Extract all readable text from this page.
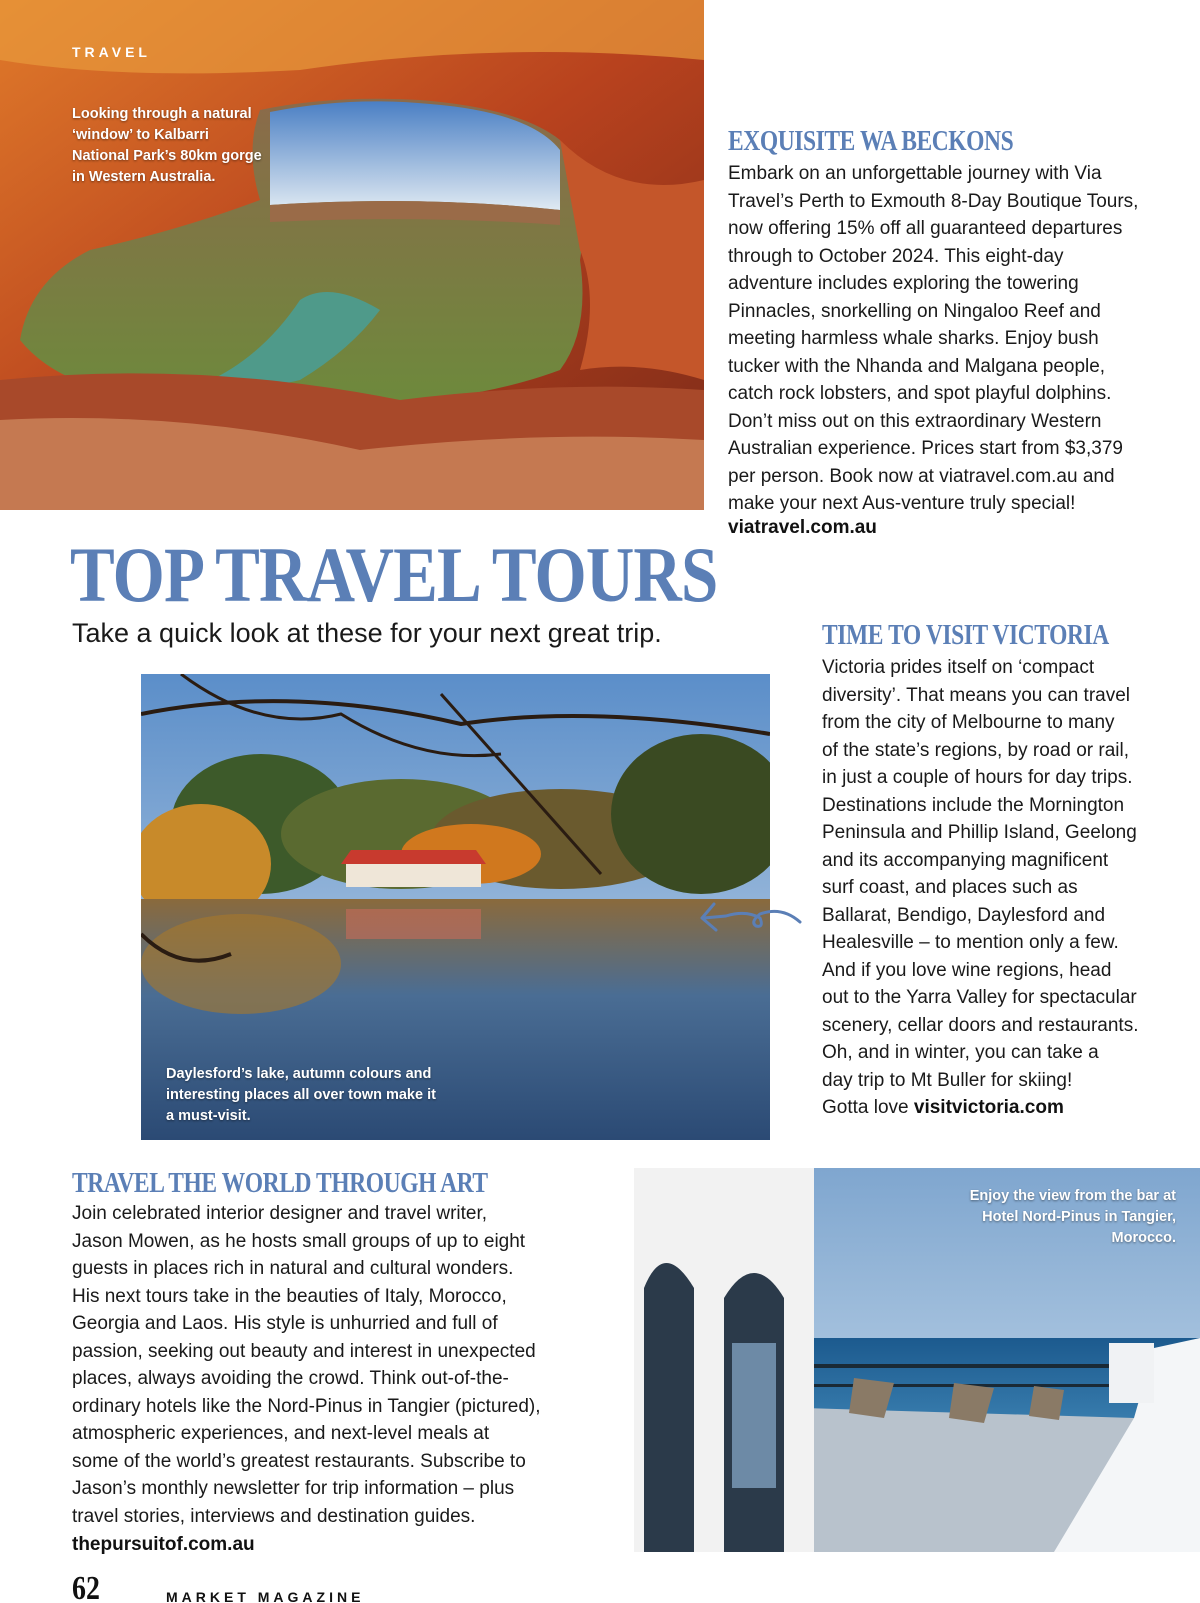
TRAVEL
Looking through a natural ‘window’ to Kalbarri National Park’s 80km gorge in Western Australia.
EXQUISITE WA BECKONS
Embark on an unforgettable journey with Via
Travel’s Perth to Exmouth 8-Day Boutique Tours,
now offering 15% off all guaranteed departures
through to October 2024. This eight-day
adventure includes exploring the towering
Pinnacles, snorkelling on Ningaloo Reef and
meeting harmless whale sharks. Enjoy bush
tucker with the Nhanda and Malgana people,
catch rock lobsters, and spot playful dolphins.
Don’t miss out on this extraordinary Western
Australian experience. Prices start from $3,379
per person. Book now at viatravel.com.au and
make your next Aus-venture truly special!
viatravel.com.au
TOP TRAVEL TOURS
Take a quick look at these for your next great trip.
Daylesford’s lake, autumn colours and interesting places all over town make it a must-visit.
TIME TO VISIT VICTORIA
Victoria prides itself on ‘compact
diversity’. That means you can travel
from the city of Melbourne to many
of the state’s regions, by road or rail,
in just a couple of hours for day trips.
Destinations include the Mornington
Peninsula and Phillip Island, Geelong
and its accompanying magnificent
surf coast, and places such as
Ballarat, Bendigo, Daylesford and
Healesville – to mention only a few.
And if you love wine regions, head
out to the Yarra Valley for spectacular
scenery, cellar doors and restaurants.
Oh, and in winter, you can take a
day trip to Mt Buller for skiing!
Gotta love visitvictoria.com
TRAVEL THE WORLD THROUGH ART
Join celebrated interior designer and travel writer,
Jason Mowen, as he hosts small groups of up to eight
guests in places rich in natural and cultural wonders.
His next tours take in the beauties of Italy, Morocco,
Georgia and Laos. His style is unhurried and full of
passion, seeking out beauty and interest in unexpected
places, always avoiding the crowd. Think out-of-the-
ordinary hotels like the Nord-Pinus in Tangier (pictured),
atmospheric experiences, and next-level meals at
some of the world’s greatest restaurants. Subscribe to
Jason’s monthly newsletter for trip information – plus
travel stories, interviews and destination guides.
thepursuitof.com.au
Enjoy the view from the bar at Hotel Nord-Pinus in Tangier, Morocco.
62	MARKET MAGAZINE
